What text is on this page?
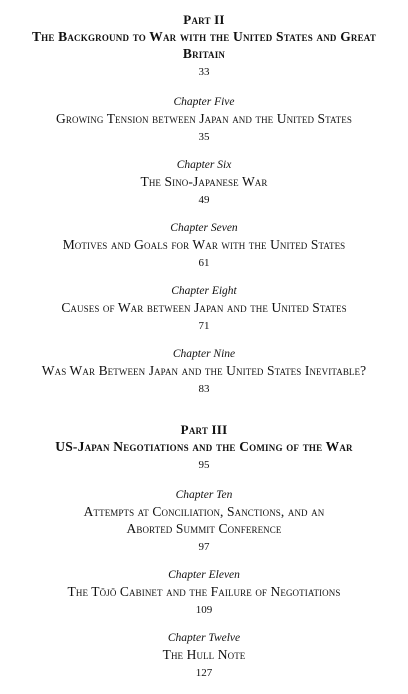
Part II
The Background to War with the United States and Great Britain
33
Chapter Five
Growing Tension between Japan and the United States
35
Chapter Six
The Sino-Japanese War
49
Chapter Seven
Motives and Goals for War with the United States
61
Chapter Eight
Causes of War between Japan and the United States
71
Chapter Nine
Was War Between Japan and the United States Inevitable?
83
Part III
US-Japan Negotiations and the Coming of the War
95
Chapter Ten
Attempts at Conciliation, Sanctions, and an Aborted Summit Conference
97
Chapter Eleven
The Tōjō Cabinet and the Failure of Negotiations
109
Chapter Twelve
The Hull Note
127
